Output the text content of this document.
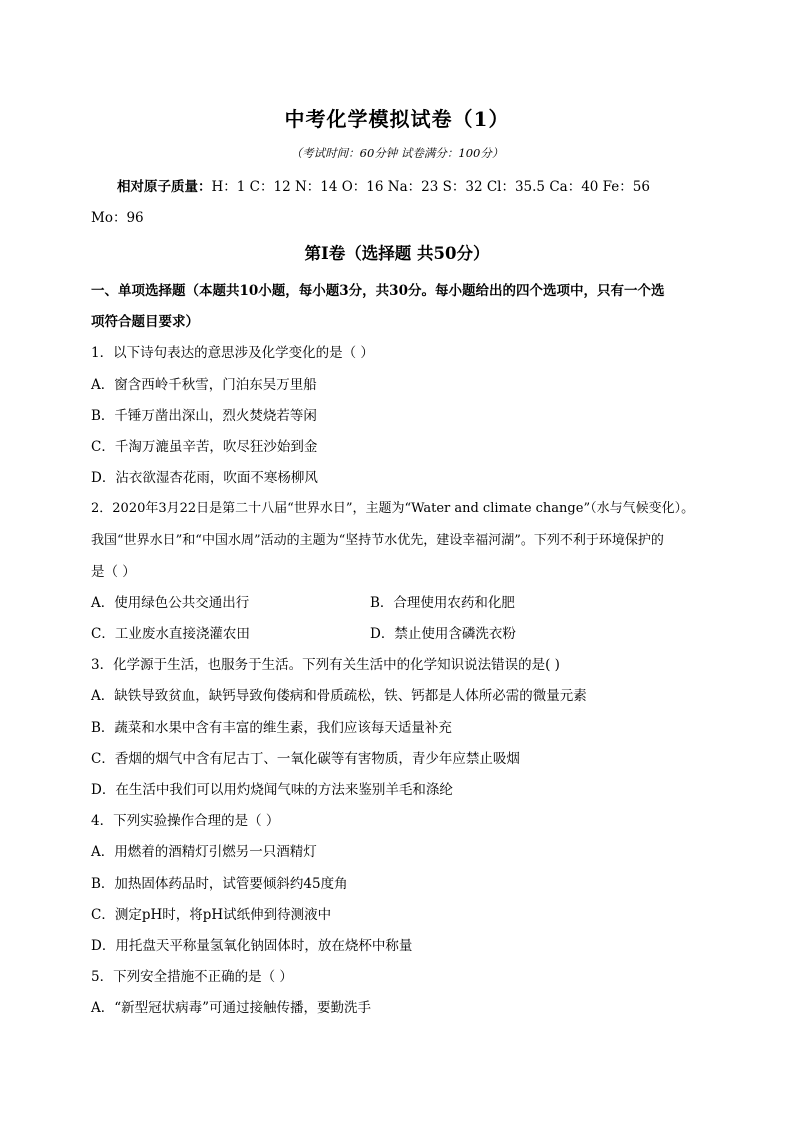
中考化学模拟试卷（1）
（考试时间：60分钟 试卷满分：100分）
相对原子质量：H：1 C：12 N：14 O：16 Na：23 S：32 Cl：35.5 Ca：40 Fe：56
Mo：96
第Ⅰ卷（选择题 共50分）
一、单项选择题（本题共10小题，每小题3分，共30分。每小题给出的四个选项中，只有一个选
项符合题目要求）
1．以下诗句表达的意思涉及化学变化的是（ ）
A．窗含西岭千秋雪，门泊东吴万里船
B．千锤万凿出深山，烈火焚烧若等闲
C．千淘万漉虽辛苦，吹尽狂沙始到金
D．沾衣欲湿杏花雨，吹面不寒杨柳风
2．2020年3月22日是第二十八届“世界水日”，主题为“Water and climate change”（水与气候变化）。
我国“世界水日”和“中国水周”活动的主题为“坚持节水优先，建设幸福河湖”。下列不利于环境保护的
是（ ）
A．使用绿色公共交通出行	B．合理使用农药和化肥
C．工业废水直接浇灌农田	D．禁止使用含磷洗衣粉
3．化学源于生活，也服务于生活。下列有关生活中的化学知识说法错误的是( )
A．缺铁导致贫血，缺钙导致佝偻病和骨质疏松，铁、钙都是人体所必需的微量元素
B．蔬菜和水果中含有丰富的维生素，我们应该每天适量补充
C．香烟的烟气中含有尼古丁、一氧化碳等有害物质，青少年应禁止吸烟
D．在生活中我们可以用灼烧闻气味的方法来鉴别羊毛和涤纶
4．下列实验操作合理的是（ ）
A．用燃着的酒精灯引燃另一只酒精灯
B．加热固体药品时，试管要倾斜约45度角
C．测定pH时，将pH试纸伸到待测液中
D．用托盘天平称量氢氧化钠固体时，放在烧杯中称量
5．下列安全措施不正确的是（ ）
A．“新型冠状病毒”可通过接触传播，要勤洗手
